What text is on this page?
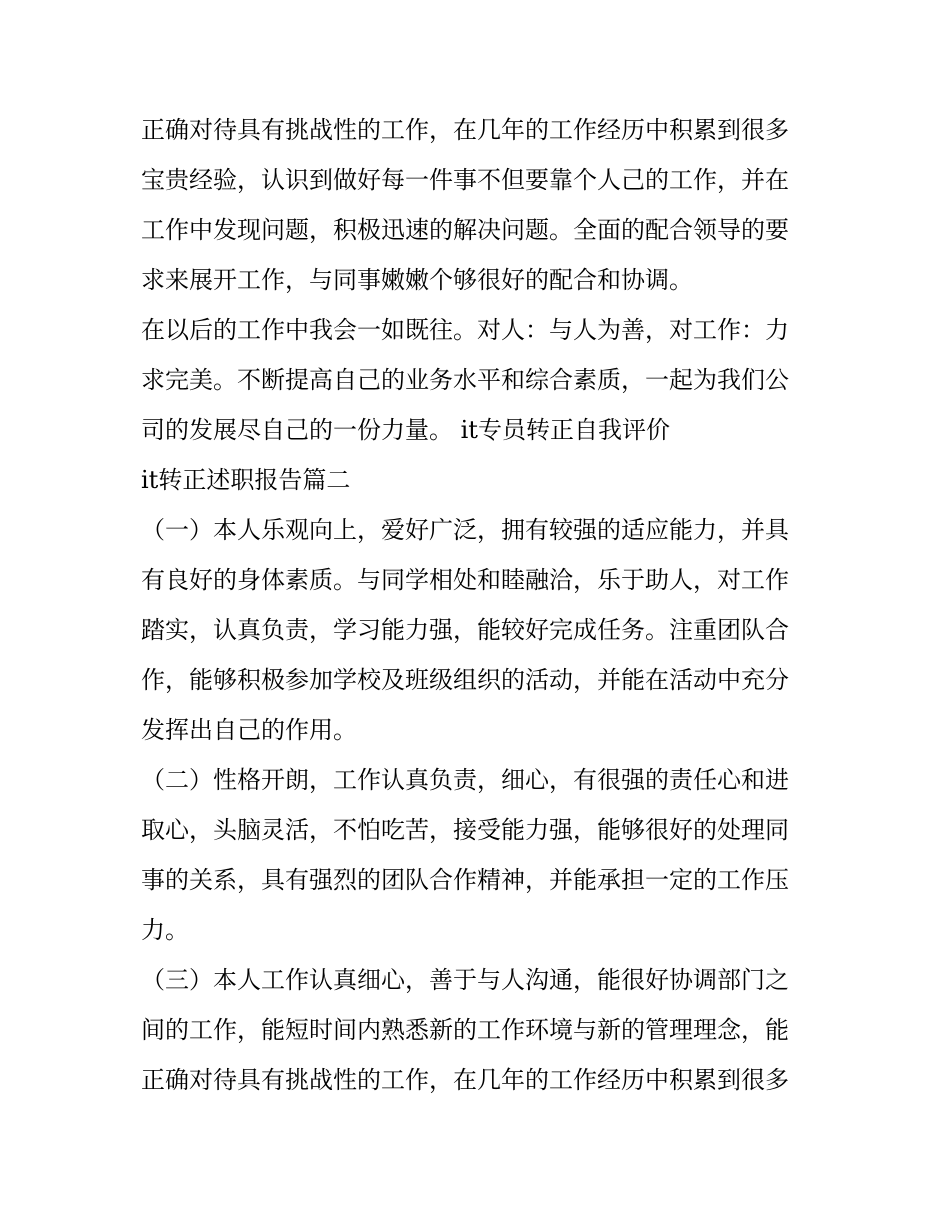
正确对待具有挑战性的工作，在几年的工作经历中积累到很多
宝贵经验，认识到做好每一件事不但要靠个人己的工作，并在
工作中发现问题，积极迅速的解决问题。全面的配合领导的要
求来展开工作，与同事嫩嫩个够很好的配合和协调。
在以后的工作中我会一如既往。对人：与人为善，对工作：力
求完美。不断提高自己的业务水平和综合素质，一起为我们公
司的发展尽自己的一份力量。 it专员转正自我评价
it转正述职报告篇二
（一）本人乐观向上，爱好广泛，拥有较强的适应能力，并具
有良好的身体素质。与同学相处和睦融洽，乐于助人，对工作
踏实，认真负责，学习能力强，能较好完成任务。注重团队合
作，能够积极参加学校及班级组织的活动，并能在活动中充分
发挥出自己的作用。
（二）性格开朗，工作认真负责，细心，有很强的责任心和进
取心，头脑灵活，不怕吃苦，接受能力强，能够很好的处理同
事的关系，具有强烈的团队合作精神，并能承担一定的工作压
力。
（三）本人工作认真细心，善于与人沟通，能很好协调部门之
间的工作，能短时间内熟悉新的工作环境与新的管理理念，能
正确对待具有挑战性的工作，在几年的工作经历中积累到很多
